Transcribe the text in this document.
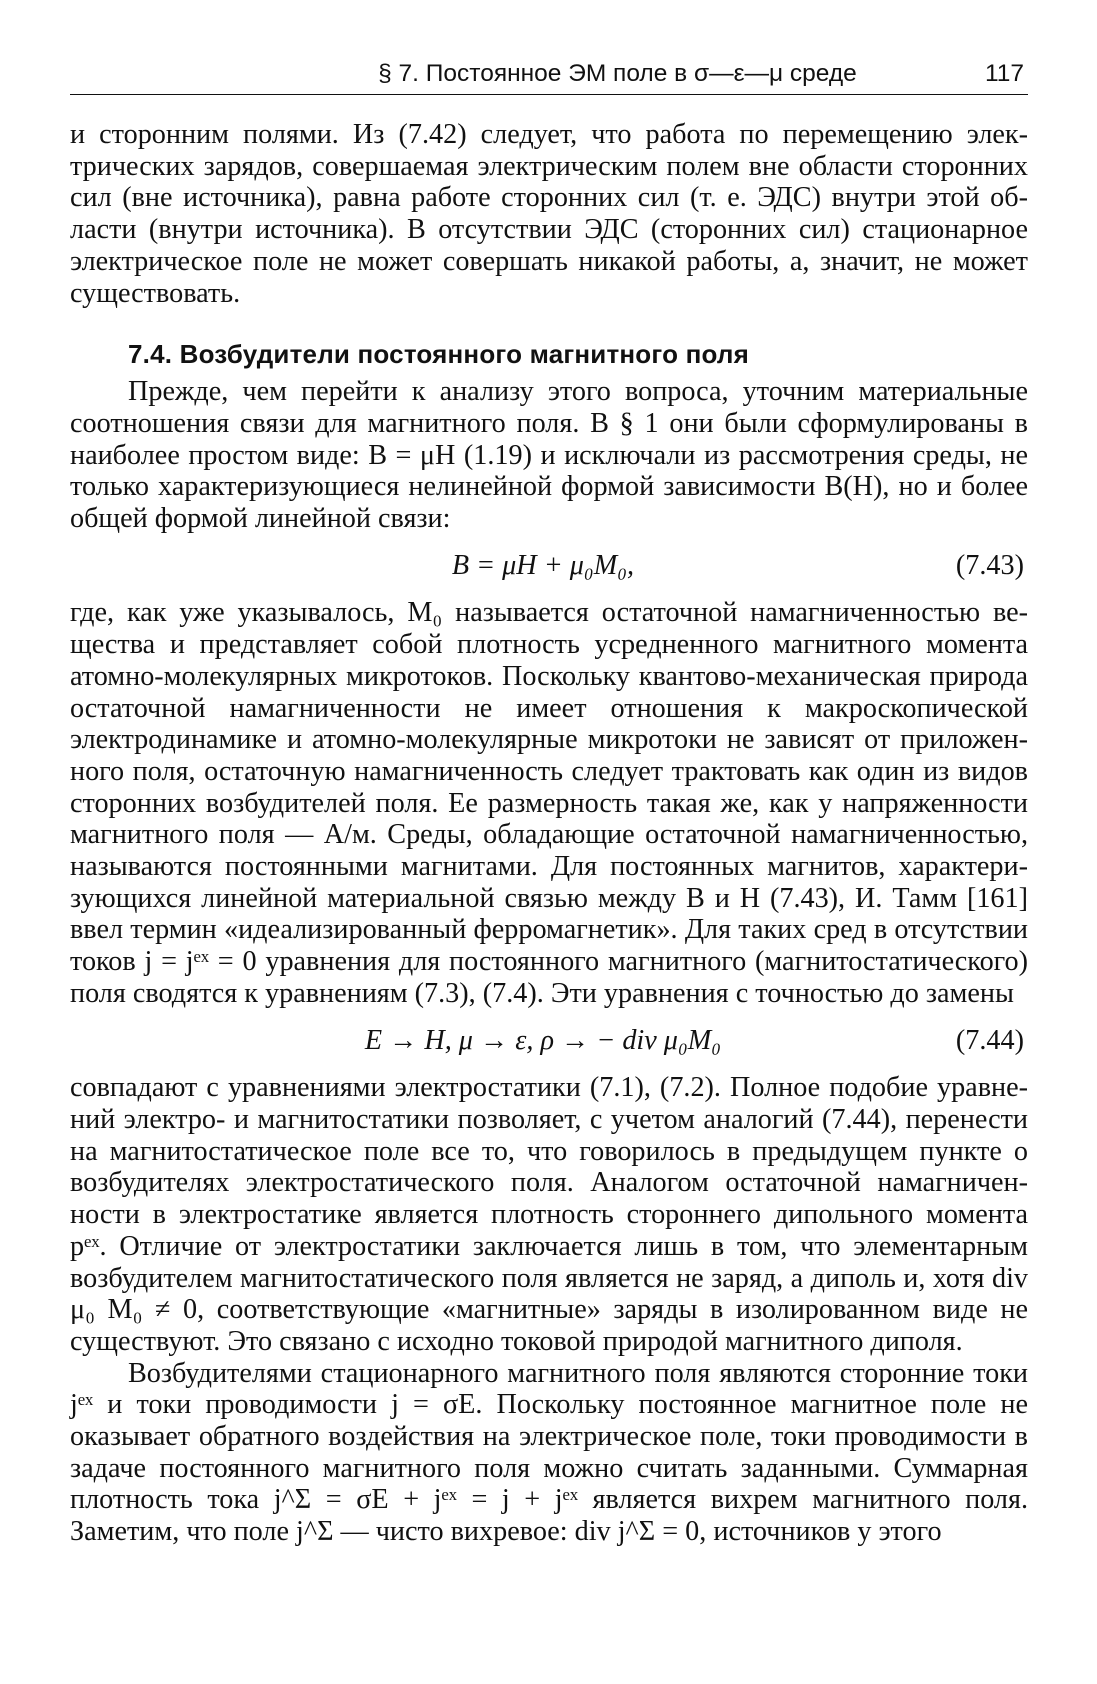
§ 7. Постоянное ЭМ поле в σ—ε—μ среде	117

и сторонним полями. Из (7.42) следует, что работа по перемещению электрических зарядов, совершаемая электрическим полем вне области сторонних сил (вне источника), равна работе сторонних сил (т. е. ЭДС) внутри этой области (внутри источника). В отсутствии ЭДС (сторонних сил) стационарное электрическое поле не может совершать никакой работы, а, значит, не может существовать.

7.4. Возбудители постоянного магнитного поля

Прежде, чем перейти к анализу этого вопроса, уточним материальные соотношения связи для магнитного поля. В § 1 они были сформулированы в наиболее простом виде: B = μH (1.19) и исключали из рассмотрения среды, не только характеризующиеся нелинейной формой зависимости B(H), но и более общей формой линейной связи:

B = μH + μ₀M₀,	(7.43)

где, как уже указывалось, M₀ называется остаточной намагниченностью вещества и представляет собой плотность усредненного магнитного момента атомно-молекулярных микротоков. Поскольку квантово-механическая природа остаточной намагниченности не имеет отношения к макроскопической электродинамике и атомно-молекулярные микротоки не зависят от приложенного поля, остаточную намагниченность следует трактовать как один из видов сторонних возбудителей поля. Ее размерность такая же, как у напряженности магнитного поля — А/м. Среды, обладающие остаточной намагниченностью, называются постоянными магнитами. Для постоянных магнитов, характеризующихся линейной материальной связью между B и H (7.43), И. Тамм [161] ввел термин «идеализированный ферромагнетик». Для таких сред в отсутствии токов j = jᵉˣ = 0 уравнения для постоянного магнитного (магнитостатического) поля сводятся к уравнениям (7.3), (7.4). Эти уравнения с точностью до замены

E → H, μ → ε, ρ → − div μ₀M₀	(7.44)

совпадают с уравнениями электростатики (7.1), (7.2). Полное подобие уравнений электро- и магнитостатики позволяет, с учетом аналогий (7.44), перенести на магнитостатическое поле все то, что говорилось в предыдущем пункте о возбудителях электростатического поля. Аналогом остаточной намагниченности в электростатике является плотность стороннего дипольного момента pᵉˣ. Отличие от электростатики заключается лишь в том, что элементарным возбудителем магнитостатического поля является не заряд, а диполь и, хотя div μ₀ M₀ ≠ 0, соответствующие «магнитные» заряды в изолированном виде не существуют. Это связано с исходно токовой природой магнитного диполя.

Возбудителями стационарного магнитного поля являются сторонние токи jᵉˣ и токи проводимости j = σE. Поскольку постоянное магнитное поле не оказывает обратного воздействия на электрическое поле, токи проводимости в задаче постоянного магнитного поля можно считать заданными. Суммарная плотность тока j^Σ = σE + jᵉˣ = j + jᵉˣ является вихрем магнитного поля. Заметим, что поле j^Σ — чисто вихревое: div j^Σ = 0, источников у этого
